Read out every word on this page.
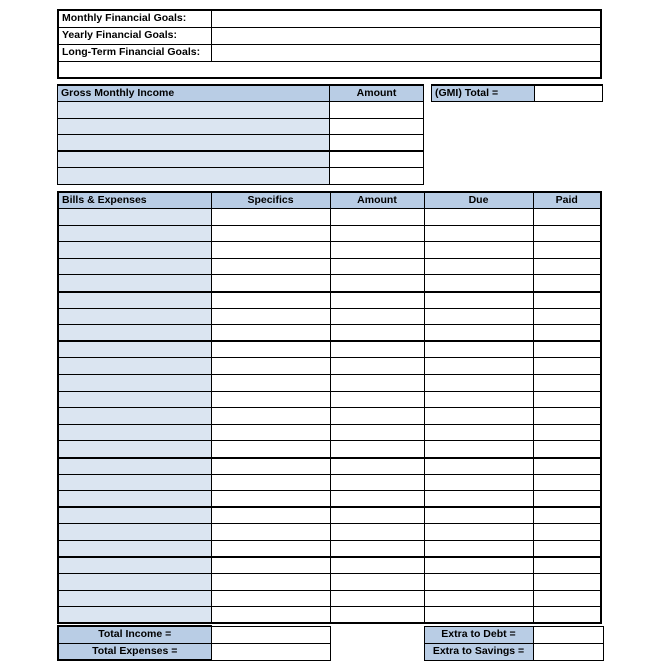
Monthly Financial Goals:	
Yearly Financial Goals:	
Long-Term Financial Goals:	

Gross Monthly Income	Amount		(GMI) Total =	

Bills & Expenses	Specifics	Amount	Due	Paid

Total Income =			Extra to Debt =	
Total Expenses =			Extra to Savings =	
